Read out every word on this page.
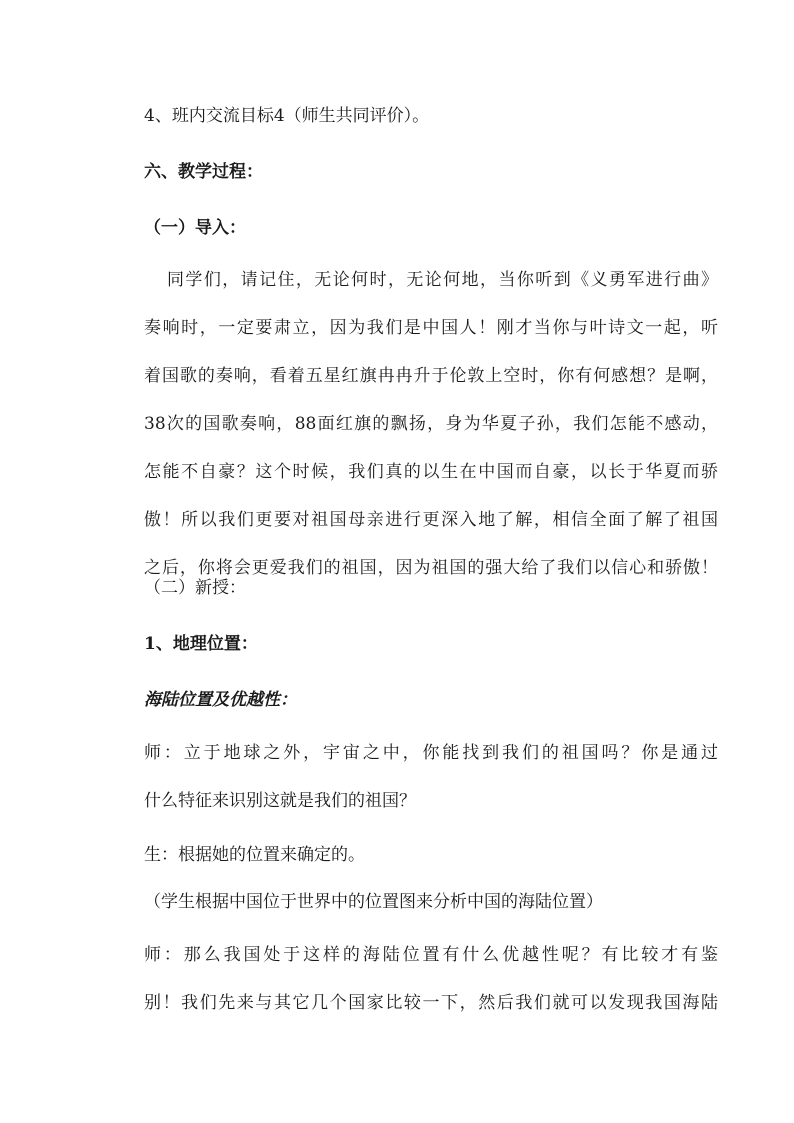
4、班内交流目标4（师生共同评价）。
六、教学过程：
（一）导入：
同学们，请记住，无论何时，无论何地，当你听到《义勇军进行曲》
奏响时，一定要肃立，因为我们是中国人！刚才当你与叶诗文一起，听
着国歌的奏响，看着五星红旗冉冉升于伦敦上空时，你有何感想？是啊，
38次的国歌奏响，88面红旗的飘扬，身为华夏子孙，我们怎能不感动，
怎能不自豪？这个时候，我们真的以生在中国而自豪，以长于华夏而骄
傲！所以我们更要对祖国母亲进行更深入地了解，相信全面了解了祖国
之后，你将会更爱我们的祖国，因为祖国的强大给了我们以信心和骄傲！
（二）新授：
1、地理位置：
海陆位置及优越性：
师：立于地球之外，宇宙之中，你能找到我们的祖国吗？你是通过
什么特征来识别这就是我们的祖国？
生：根据她的位置来确定的。
（学生根据中国位于世界中的位置图来分析中国的海陆位置）
师：那么我国处于这样的海陆位置有什么优越性呢？有比较才有鉴
别！我们先来与其它几个国家比较一下，然后我们就可以发现我国海陆
